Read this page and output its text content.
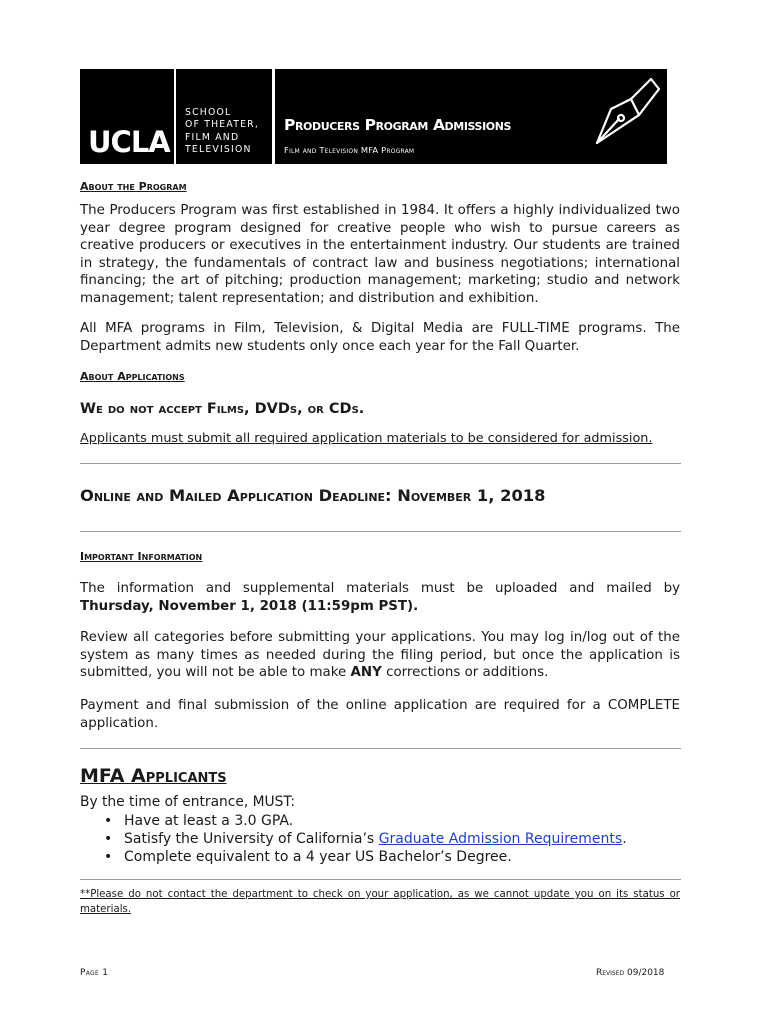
UCLA
SCHOOL
OF THEATER,
FILM AND
TELEVISION
Producers Program Admissions
Film and Television MFA Program
About the Program
The Producers Program was first established in 1984. It offers a highly individualized two year degree program designed for creative people who wish to pursue careers as creative producers or executives in the entertainment industry. Our students are trained in strategy, the fundamentals of contract law and business negotiations; international financing; the art of pitching; production management; marketing; studio and network management; talent representation; and distribution and exhibition.
All MFA programs in Film, Television, & Digital Media are FULL-TIME programs. The Department admits new students only once each year for the Fall Quarter.
About Applications
We do not accept Films, DVDs, or CDs.
Applicants must submit all required application materials to be considered for admission.
Online and Mailed Application Deadline: November 1, 2018
Important Information
The information and supplemental materials must be uploaded and mailed by Thursday, November 1, 2018 (11:59pm PST).
Review all categories before submitting your applications. You may log in/log out of the system as many times as needed during the filing period, but once the application is submitted, you will not be able to make ANY corrections or additions.
Payment and final submission of the online application are required for a COMPLETE application.
MFA Applicants
By the time of entrance, MUST:
• Have at least a 3.0 GPA.
• Satisfy the University of California’s Graduate Admission Requirements.
• Complete equivalent to a 4 year US Bachelor’s Degree.
**Please do not contact the department to check on your application, as we cannot update you on its status or materials.
Page 1	Revised 09/2018
